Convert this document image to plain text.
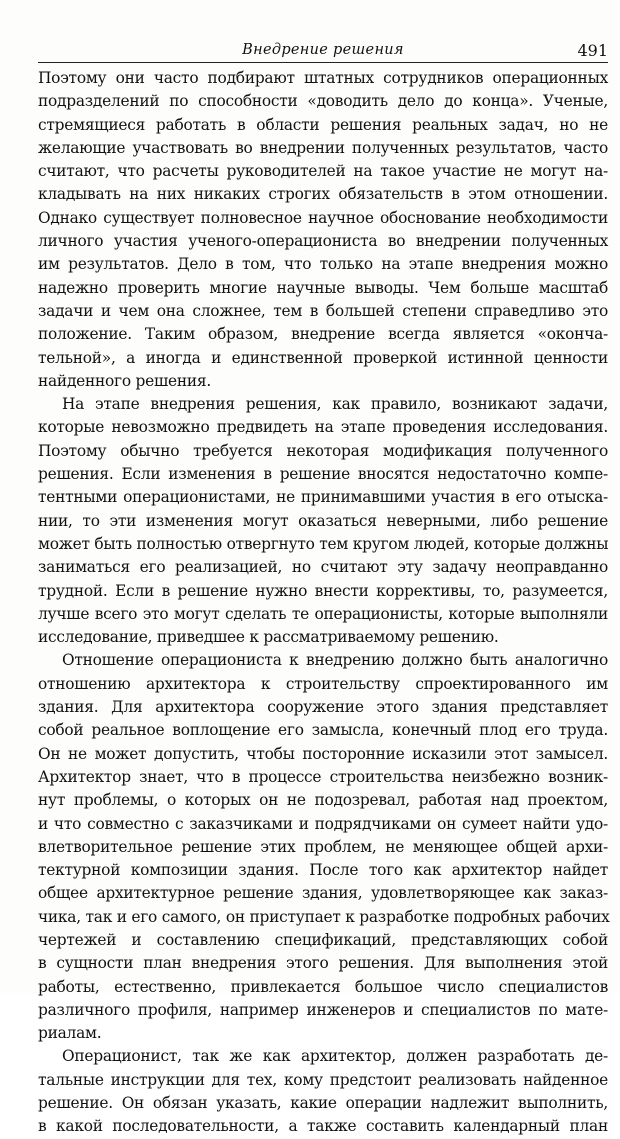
Внедрение решения	491
Поэтому они часто подбирают штатных сотрудников операционных
подразделений по способности «доводить дело до конца». Ученые,
стремящиеся работать в области решения реальных задач, но не
желающие участвовать во внедрении полученных результатов, часто
считают, что расчеты руководителей на такое участие не могут на-
кладывать на них никаких строгих обязательств в этом отношении.
Однако существует полновесное научное обоснование необходимости
личного участия ученого-операциониста во внедрении полученных
им результатов. Дело в том, что только на этапе внедрения можно
надежно проверить многие научные выводы. Чем больше масштаб
задачи и чем она сложнее, тем в большей степени справедливо это
положение. Таким образом, внедрение всегда является «оконча-
тельной», а иногда и единственной проверкой истинной ценности
найденного решения.
На этапе внедрения решения, как правило, возникают задачи,
которые невозможно предвидеть на этапе проведения исследования.
Поэтому обычно требуется некоторая модификация полученного
решения. Если изменения в решение вносятся недостаточно компе-
тентными операционистами, не принимавшими участия в его отыска-
нии, то эти изменения могут оказаться неверными, либо решение
может быть полностью отвергнуто тем кругом людей, которые должны
заниматься его реализацией, но считают эту задачу неоправданно
трудной. Если в решение нужно внести коррективы, то, разумеется,
лучше всего это могут сделать те операционисты, которые выполняли
исследование, приведшее к рассматриваемому решению.
Отношение операциониста к внедрению должно быть аналогично
отношению архитектора к строительству спроектированного им
здания. Для архитектора сооружение этого здания представляет
собой реальное воплощение его замысла, конечный плод его труда.
Он не может допустить, чтобы посторонние исказили этот замысел.
Архитектор знает, что в процессе строительства неизбежно возник-
нут проблемы, о которых он не подозревал, работая над проектом,
и что совместно с заказчиками и подрядчиками он сумеет найти удо-
влетворительное решение этих проблем, не меняющее общей архи-
тектурной композиции здания. После того как архитектор найдет
общее архитектурное решение здания, удовлетворяющее как заказ-
чика, так и его самого, он приступает к разработке подробных рабочих
чертежей и составлению спецификаций, представляющих собой
в сущности план внедрения этого решения. Для выполнения этой
работы, естественно, привлекается большое число специалистов
различного профиля, например инженеров и специалистов по мате-
риалам.
Операционист, так же как архитектор, должен разработать де-
тальные инструкции для тех, кому предстоит реализовать найденное
решение. Он обязан указать, какие операции надлежит выполнить,
в какой последовательности, а также составить календарный план
